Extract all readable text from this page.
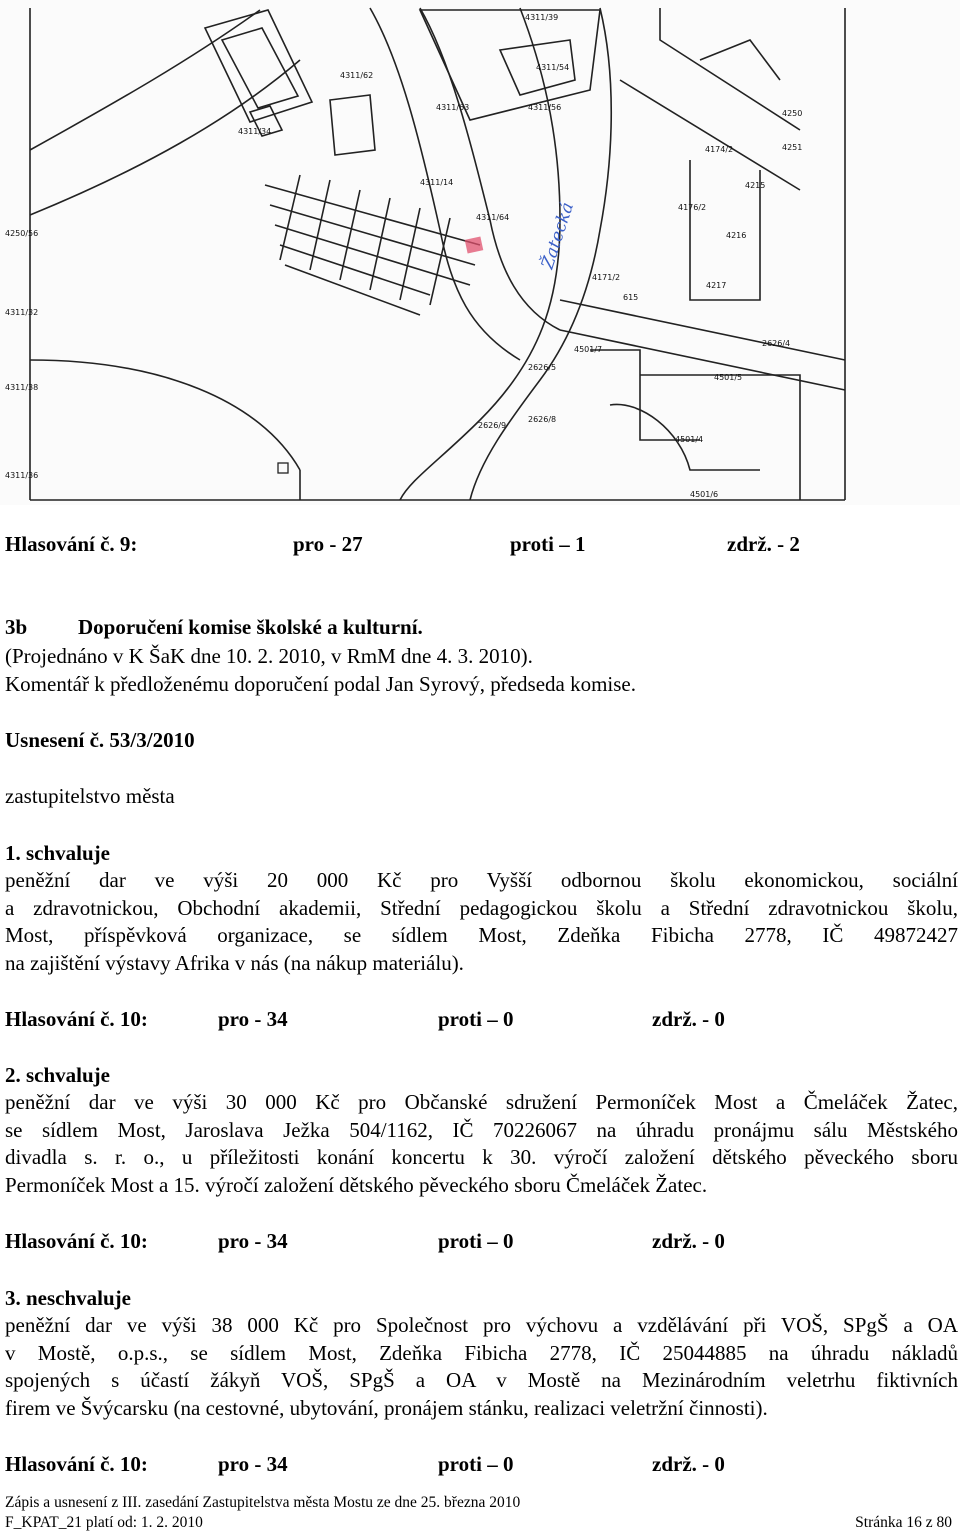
4311/39
4311/62
4311/34
4311/63
4311/14
4311/54
4311/56
4311/64
4250
4174/2	4251
4215
4216
4217
4176/2
4171/2
615
4501/7
2626/4
2626/5
2626/8
2626/9
4501/4
4501/6
4501/5
4250/56
4311/36
4311/32
4311/38
Žatecká
Hlasování č. 9:	pro - 27	proti – 1	zdrž. - 2
3b Doporučení komise školské a kulturní.
(Projednáno v K ŠaK dne 10. 2. 2010, v RmM dne 4. 3. 2010).
Komentář k předloženému doporučení podal Jan Syrový, předseda komise.
Usnesení č. 53/3/2010
zastupitelstvo města
1. schvaluje
peněžní dar ve výši 20 000 Kč pro Vyšší odbornou školu ekonomickou, sociální
a zdravotnickou, Obchodní akademii, Střední pedagogickou školu a Střední zdravotnickou školu,
Most, příspěvková organizace, se sídlem Most, Zdeňka Fibicha 2778, IČ 49872427
na zajištění výstavy Afrika v nás (na nákup materiálu).
Hlasování č. 10:	pro - 34	proti – 0	zdrž. - 0
2. schvaluje
peněžní dar ve výši 30 000 Kč pro Občanské sdružení Permoníček Most a Čmeláček Žatec,
se sídlem Most, Jaroslava Ježka 504/1162, IČ 70226067 na úhradu pronájmu sálu Městského
divadla s. r. o., u příležitosti konání koncertu k 30. výročí založení dětského pěveckého sboru
Permoníček Most a 15. výročí založení dětského pěveckého sboru Čmeláček Žatec.
Hlasování č. 10:	pro - 34	proti – 0	zdrž. - 0
3. neschvaluje
peněžní dar ve výši 38 000 Kč pro Společnost pro výchovu a vzdělávání při VOŠ, SPgŠ a OA
v Mostě, o.p.s., se sídlem Most, Zdeňka Fibicha 2778, IČ 25044885 na úhradu nákladů
spojených s účastí žákyň VOŠ, SPgŠ a OA v Mostě na Mezinárodním veletrhu fiktivních
firem ve Švýcarsku (na cestovné, ubytování, pronájem stánku, realizaci veletržní činnosti).
Hlasování č. 10:	pro - 34	proti – 0	zdrž. - 0
Zápis a usnesení z III. zasedání Zastupitelstva města Mostu ze dne 25. března 2010
F_KPAT_21 platí od: 1. 2. 2010	Stránka 16 z 80
